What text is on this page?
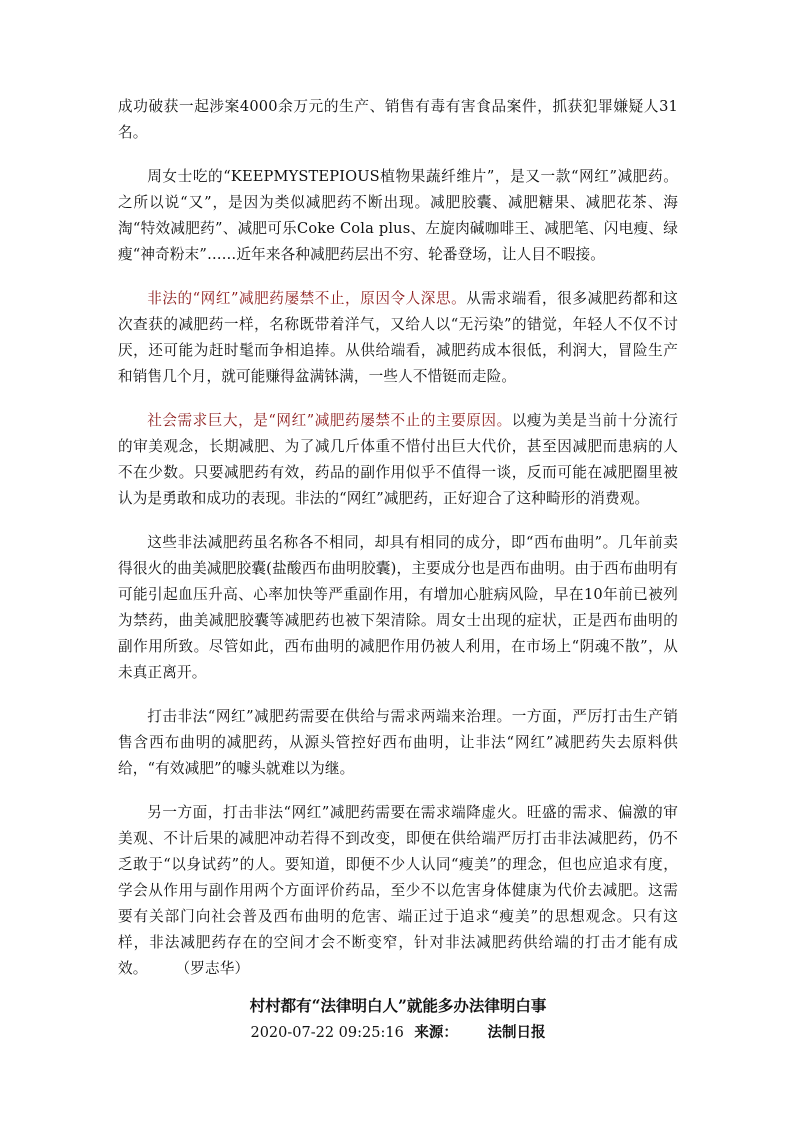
成功破获一起涉案4000余万元的生产、销售有毒有害食品案件，抓获犯罪嫌疑人31名。

周女士吃的“KEEPMYSTEPIOUS植物果蔬纤维片”，是又一款“网红”减肥药。之所以说“又”，是因为类似减肥药不断出现。减肥胶囊、减肥糖果、减肥花茶、海淘“特效减肥药”、减肥可乐Coke Cola plus、左旋肉碱咖啡王、减肥笔、闪电瘦、绿瘦“神奇粉末”……近年来各种减肥药层出不穷、轮番登场，让人目不暇接。

非法的“网红”减肥药屡禁不止，原因令人深思。从需求端看，很多减肥药都和这次查获的减肥药一样，名称既带着洋气，又给人以“无污染”的错觉，年轻人不仅不讨厌，还可能为赶时髦而争相追捧。从供给端看，减肥药成本很低，利润大，冒险生产和销售几个月，就可能赚得盆满钵满，一些人不惜铤而走险。

社会需求巨大，是“网红”减肥药屡禁不止的主要原因。以瘦为美是当前十分流行的审美观念，长期减肥、为了减几斤体重不惜付出巨大代价，甚至因减肥而患病的人不在少数。只要减肥药有效，药品的副作用似乎不值得一谈，反而可能在减肥圈里被认为是勇敢和成功的表现。非法的“网红”减肥药，正好迎合了这种畸形的消费观。

这些非法减肥药虽名称各不相同，却具有相同的成分，即“西布曲明”。几年前卖得很火的曲美减肥胶囊(盐酸西布曲明胶囊)，主要成分也是西布曲明。由于西布曲明有可能引起血压升高、心率加快等严重副作用，有增加心脏病风险，早在10年前已被列为禁药，曲美减肥胶囊等减肥药也被下架清除。周女士出现的症状，正是西布曲明的副作用所致。尽管如此，西布曲明的减肥作用仍被人利用，在市场上“阴魂不散”，从未真正离开。

打击非法“网红”减肥药需要在供给与需求两端来治理。一方面，严厉打击生产销售含西布曲明的减肥药，从源头管控好西布曲明，让非法“网红”减肥药失去原料供给，“有效减肥”的噱头就难以为继。

另一方面，打击非法“网红”减肥药需要在需求端降虚火。旺盛的需求、偏激的审美观、不计后果的减肥冲动若得不到改变，即便在供给端严厉打击非法减肥药，仍不乏敢于“以身试药”的人。要知道，即便不少人认同“瘦美”的理念，但也应追求有度，学会从作用与副作用两个方面评价药品，至少不以危害身体健康为代价去减肥。这需要有关部门向社会普及西布曲明的危害、端正过于追求“瘦美”的思想观念。只有这样，非法减肥药存在的空间才会不断变窄，针对非法减肥药供给端的打击才能有成效。 （罗志华）

村村都有“法律明白人”就能多办法律明白事
2020-07-22 09:25:16 来源： 法制日报
